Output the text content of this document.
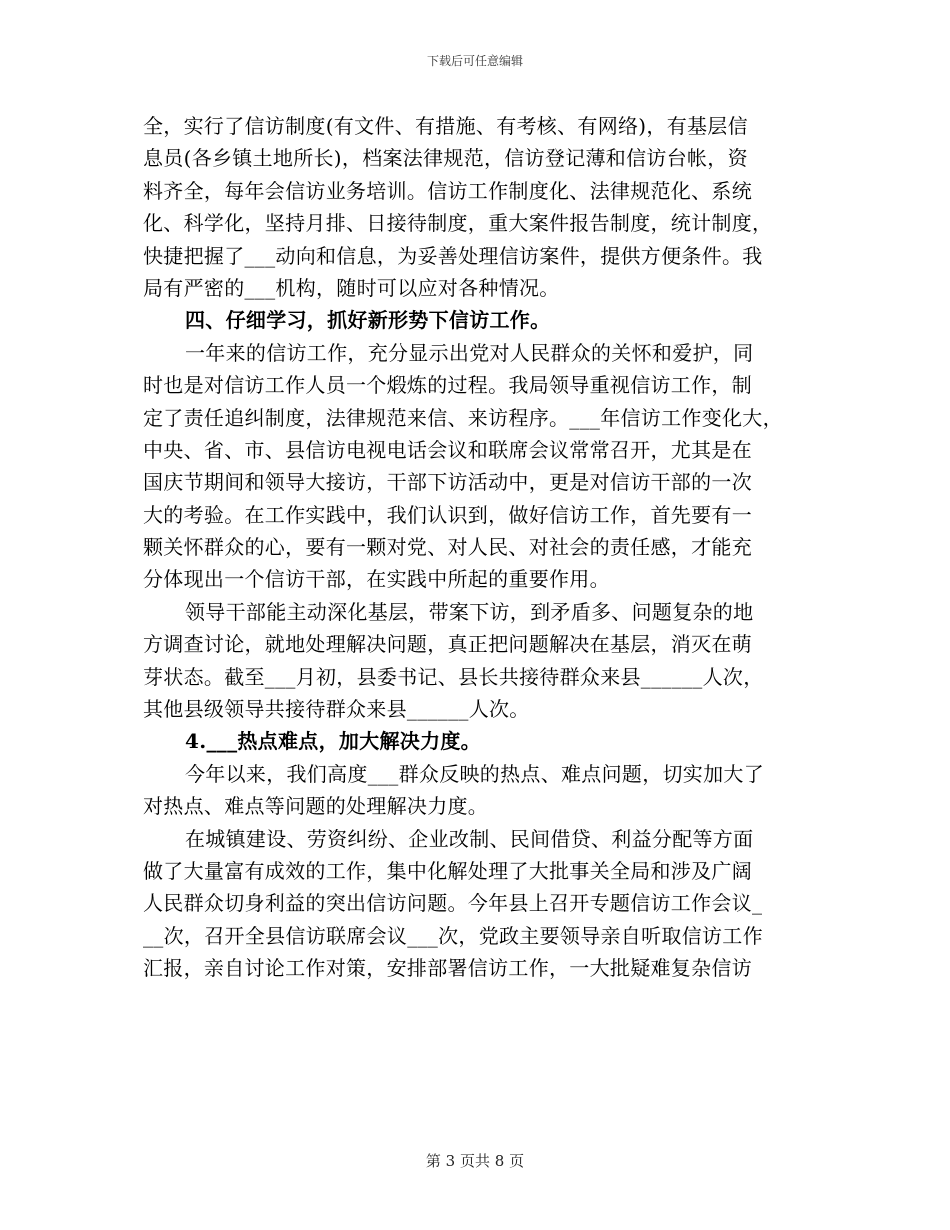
下载后可任意编辑
全，实行了信访制度(有文件、有措施、有考核、有网络)，有基层信
息员(各乡镇土地所长)，档案法律规范，信访登记薄和信访台帐，资
料齐全，每年会信访业务培训。信访工作制度化、法律规范化、系统
化、科学化，坚持月排、日接待制度，重大案件报告制度，统计制度，
快捷把握了___动向和信息，为妥善处理信访案件，提供方便条件。我
局有严密的___机构，随时可以应对各种情况。
四、仔细学习，抓好新形势下信访工作。
一年来的信访工作，充分显示出党对人民群众的关怀和爱护，同
时也是对信访工作人员一个煅炼的过程。我局领导重视信访工作，制
定了责任追纠制度，法律规范来信、来访程序。___年信访工作变化大，
中央、省、市、县信访电视电话会议和联席会议常常召开，尤其是在
国庆节期间和领导大接访，干部下访活动中，更是对信访干部的一次
大的考验。在工作实践中，我们认识到，做好信访工作，首先要有一
颗关怀群众的心，要有一颗对党、对人民、对社会的责任感，才能充
分体现出一个信访干部，在实践中所起的重要作用。
领导干部能主动深化基层，带案下访，到矛盾多、问题复杂的地
方调查讨论，就地处理解决问题，真正把问题解决在基层，消灭在萌
芽状态。截至___月初，县委书记、县长共接待群众来县______人次，
其他县级领导共接待群众来县______人次。
4.___热点难点，加大解决力度。
今年以来，我们高度___群众反映的热点、难点问题，切实加大了
对热点、难点等问题的处理解决力度。
在城镇建设、劳资纠纷、企业改制、民间借贷、利益分配等方面
做了大量富有成效的工作，集中化解处理了大批事关全局和涉及广阔
人民群众切身利益的突出信访问题。今年县上召开专题信访工作会议_
__次，召开全县信访联席会议___次，党政主要领导亲自听取信访工作
汇报，亲自讨论工作对策，安排部署信访工作，一大批疑难复杂信访
第 3 页共 8 页
